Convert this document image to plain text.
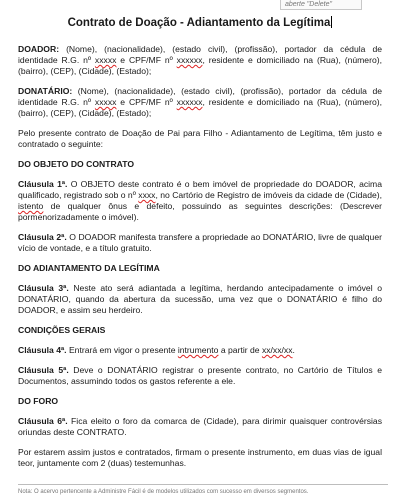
aberte "Delete"
Contrato de Doação - Adiantamento da Legítima

DOADOR: (Nome), (nacionalidade), (estado civil), (profissão), portador da cédula de identidade R.G. nº xxxxx e CPF/MF nº xxxxxx, residente e domiciliado na (Rua), (número), (bairro), (CEP), (Cidade), (Estado);

DONATÁRIO: (Nome), (nacionalidade), (estado civil), (profissão), portador da cédula de identidade R.G. nº xxxxx e CPF/MF nº xxxxxx, residente e domiciliado na (Rua), (número), (bairro), (CEP), (Cidade), (Estado);

Pelo presente contrato de Doação de Pai para Filho - Adiantamento de Legítima, têm justo e contratado o seguinte:

DO OBJETO DO CONTRATO

Cláusula 1ª. O OBJETO deste contrato é o bem imóvel de propriedade do DOADOR, acima qualificado, registrado sob o nº xxxx, no Cartório de Registro de imóveis da cidade de (Cidade), istento de qualquer ônus e defeito, possuindo as seguintes descrições: (Descrever pormenorizadamente o imóvel).

Cláusula 2ª. O DOADOR manifesta transfere a propriedade ao DONATÁRIO, livre de qualquer vício de vontade, e a título gratuito.

DO ADIANTAMENTO DA LEGÍTIMA

Cláusula 3ª. Neste ato será adiantada a legítima, herdando antecipadamente o imóvel o DONATÁRIO, quando da abertura da sucessão, uma vez que o DONATÁRIO é filho do DOADOR, e assim seu herdeiro.

CONDIÇÕES GERAIS

Cláusula 4ª. Entrará em vigor o presente intrumento a partir de xx/xx/xx.

Cláusula 5ª. Deve o DONATÁRIO registrar o presente contrato, no Cartório de Títulos e Documentos, assumindo todos os gastos referente a ele.

DO FORO

Cláusula 6ª. Fica eleito o foro da comarca de (Cidade), para dirimir quaisquer controvérsias oriundas deste CONTRATO.

Por estarem assim justos e contratados, firmam o presente instrumento, em duas vias de igual teor, juntamente com 2 (duas) testemunhas.

Nota: O acervo pertencente a Administre Fácil é de modelos utilizados com sucesso em diversos segmentos.
